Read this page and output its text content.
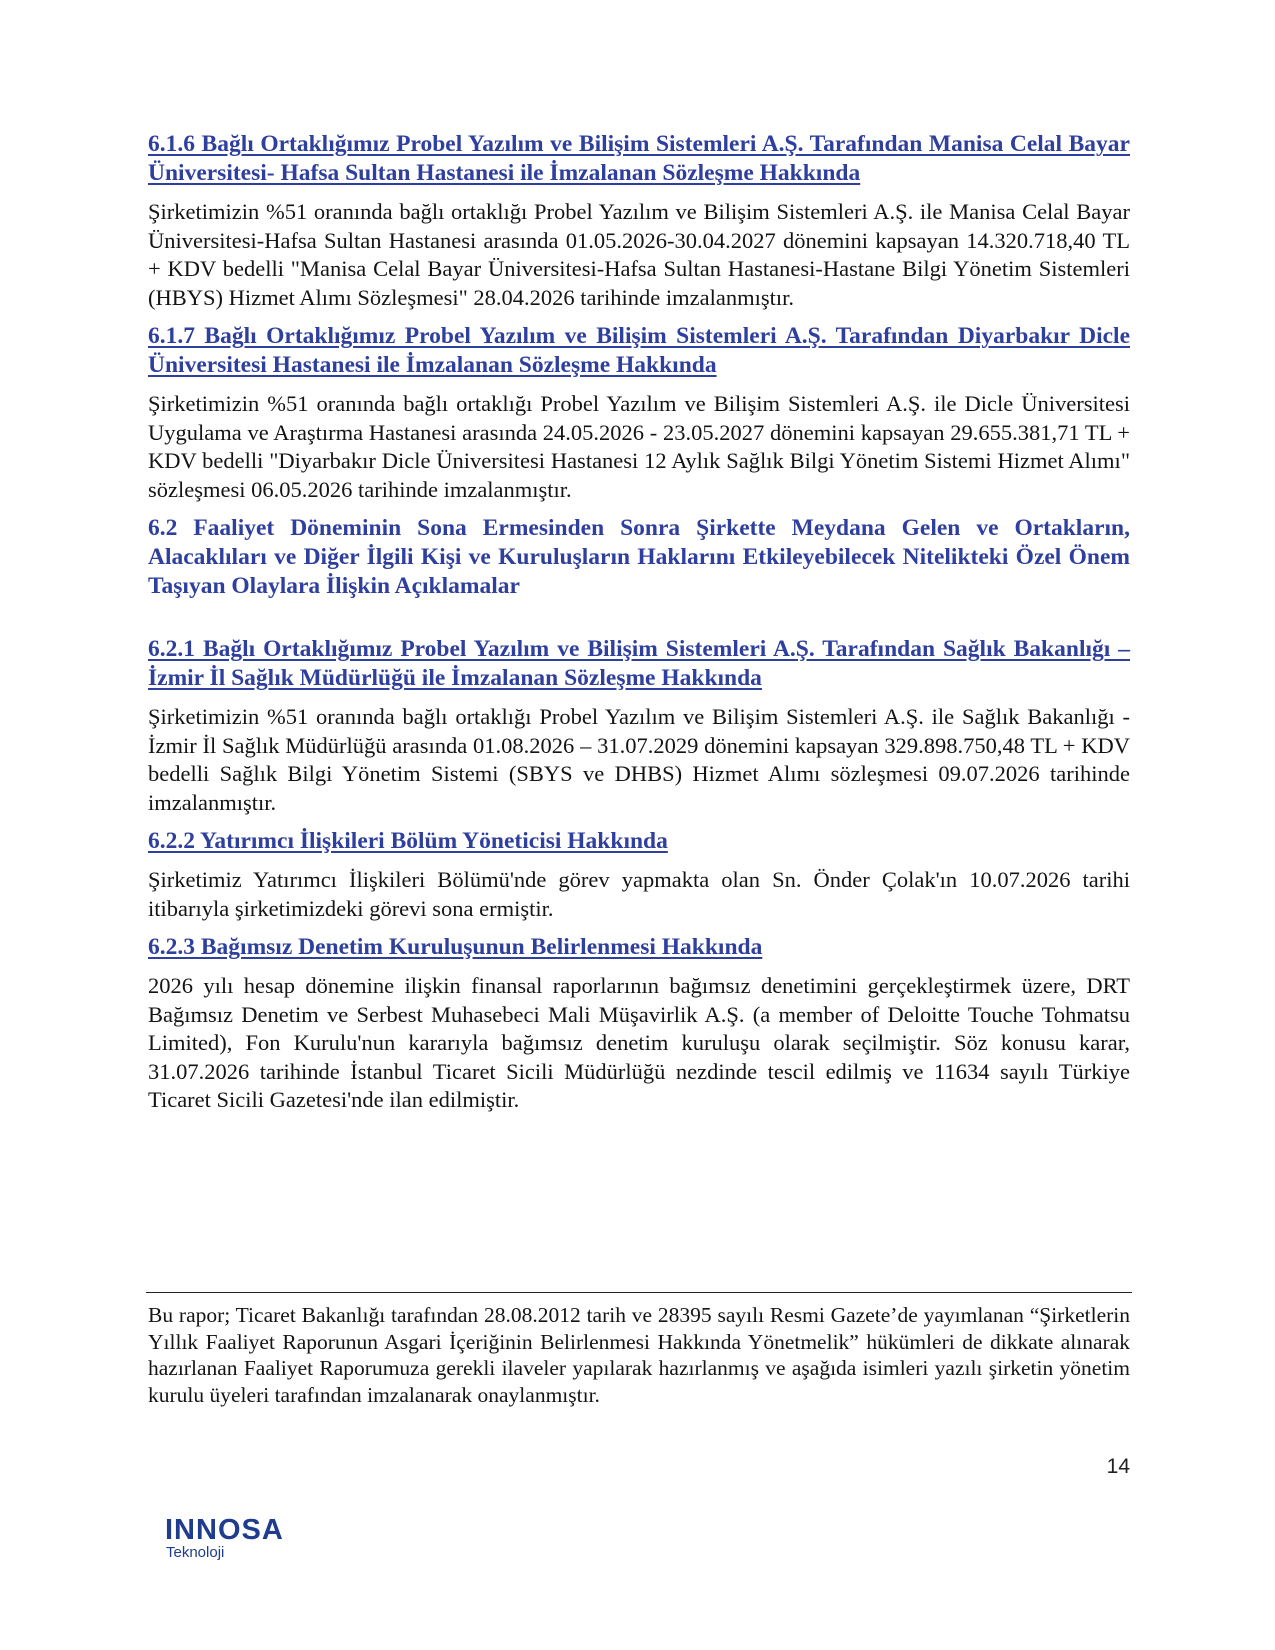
6.1.6 Bağlı Ortaklığımız Probel Yazılım ve Bilişim Sistemleri A.Ş. Tarafından Manisa Celal Bayar Üniversitesi- Hafsa Sultan Hastanesi ile İmzalanan Sözleşme Hakkında

Şirketimizin %51 oranında bağlı ortaklığı Probel Yazılım ve Bilişim Sistemleri A.Ş. ile Manisa Celal Bayar Üniversitesi-Hafsa Sultan Hastanesi arasında 01.05.2026-30.04.2027 dönemini kapsayan 14.320.718,40 TL + KDV bedelli "Manisa Celal Bayar Üniversitesi-Hafsa Sultan Hastanesi-Hastane Bilgi Yönetim Sistemleri (HBYS) Hizmet Alımı Sözleşmesi" 28.04.2026 tarihinde imzalanmıştır.

6.1.7 Bağlı Ortaklığımız Probel Yazılım ve Bilişim Sistemleri A.Ş. Tarafından Diyarbakır Dicle Üniversitesi Hastanesi ile İmzalanan Sözleşme Hakkında

Şirketimizin %51 oranında bağlı ortaklığı Probel Yazılım ve Bilişim Sistemleri A.Ş. ile Dicle Üniversitesi Uygulama ve Araştırma Hastanesi arasında 24.05.2026 - 23.05.2027 dönemini kapsayan 29.655.381,71 TL + KDV bedelli "Diyarbakır Dicle Üniversitesi Hastanesi 12 Aylık Sağlık Bilgi Yönetim Sistemi Hizmet Alımı" sözleşmesi 06.05.2026 tarihinde imzalanmıştır.

6.2 Faaliyet Döneminin Sona Ermesinden Sonra Şirkette Meydana Gelen ve Ortakların, Alacaklıları ve Diğer İlgili Kişi ve Kuruluşların Haklarını Etkileyebilecek Nitelikteki Özel Önem Taşıyan Olaylara İlişkin Açıklamalar
6.2.1 Bağlı Ortaklığımız Probel Yazılım ve Bilişim Sistemleri A.Ş. Tarafından Sağlık Bakanlığı – İzmir İl Sağlık Müdürlüğü ile İmzalanan Sözleşme Hakkında

Şirketimizin %51 oranında bağlı ortaklığı Probel Yazılım ve Bilişim Sistemleri A.Ş. ile Sağlık Bakanlığı - İzmir İl Sağlık Müdürlüğü arasında 01.08.2026 – 31.07.2029 dönemini kapsayan 329.898.750,48 TL + KDV bedelli Sağlık Bilgi Yönetim Sistemi (SBYS ve DHBS) Hizmet Alımı sözleşmesi 09.07.2026 tarihinde imzalanmıştır.

6.2.2 Yatırımcı İlişkileri Bölüm Yöneticisi Hakkında

Şirketimiz Yatırımcı İlişkileri Bölümü'nde görev yapmakta olan Sn. Önder Çolak'ın 10.07.2026 tarihi itibarıyla şirketimizdeki görevi sona ermiştir.

6.2.3 Bağımsız Denetim Kuruluşunun Belirlenmesi Hakkında

2026 yılı hesap dönemine ilişkin finansal raporlarının bağımsız denetimini gerçekleştirmek üzere, DRT Bağımsız Denetim ve Serbest Muhasebeci Mali Müşavirlik A.Ş. (a member of Deloitte Touche Tohmatsu Limited), Fon Kurulu'nun kararıyla bağımsız denetim kuruluşu olarak seçilmiştir. Söz konusu karar, 31.07.2026 tarihinde İstanbul Ticaret Sicili Müdürlüğü nezdinde tescil edilmiş ve 11634 sayılı Türkiye Ticaret Sicili Gazetesi'nde ilan edilmiştir.

Bu rapor; Ticaret Bakanlığı tarafından 28.08.2012 tarih ve 28395 sayılı Resmi Gazete’de yayımlanan “Şirketlerin Yıllık Faaliyet Raporunun Asgari İçeriğinin Belirlenmesi Hakkında Yönetmelik” hükümleri de dikkate alınarak hazırlanan Faaliyet Raporumuza gerekli ilaveler yapılarak hazırlanmış ve aşağıda isimleri yazılı şirketin yönetim kurulu üyeleri tarafından imzalanarak onaylanmıştır.
14
INNOSA
Teknoloji
